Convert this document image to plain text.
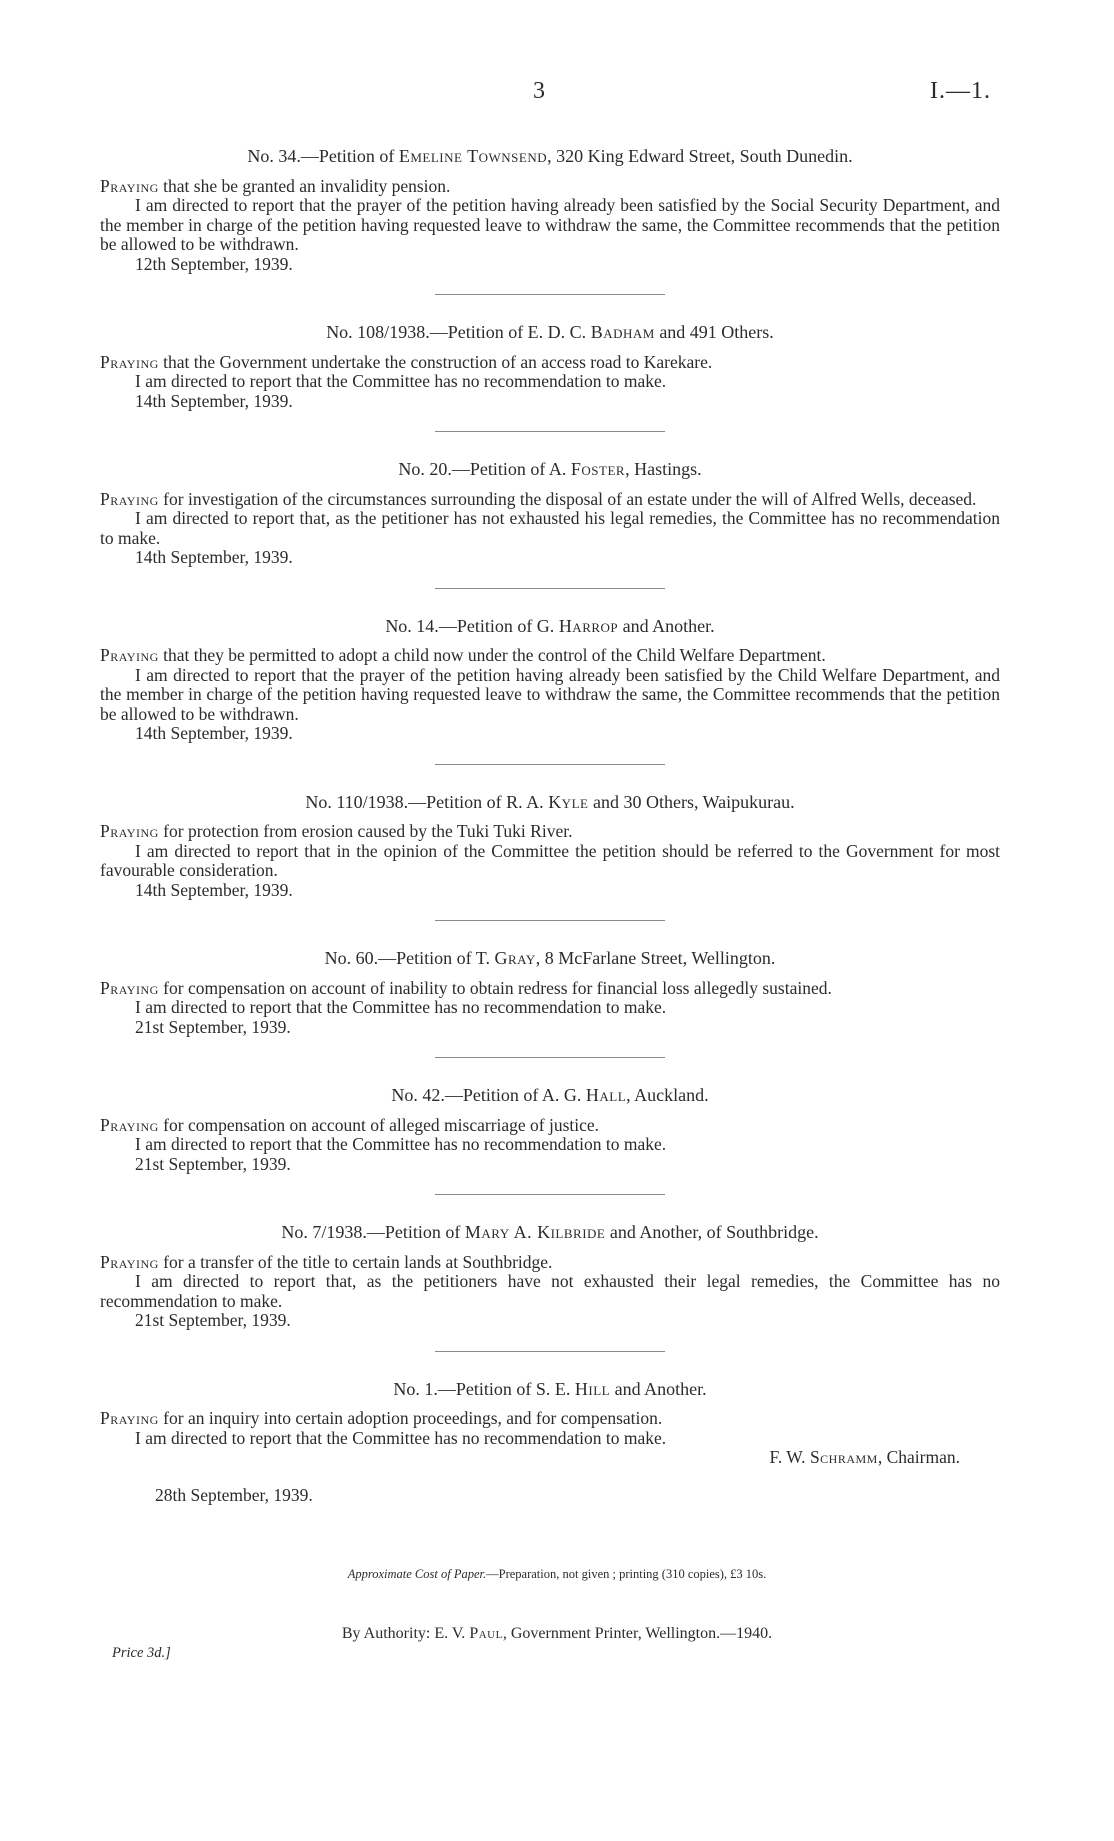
3	I.—1.

No. 34.—Petition of Emeline Townsend, 320 King Edward Street, South Dunedin.

Praying that she be granted an invalidity pension.

I am directed to report that the prayer of the petition having already been satisfied by the Social Security Department, and the member in charge of the petition having requested leave to withdraw the same, the Committee recommends that the petition be allowed to be withdrawn.

12th September, 1939.

No. 108/1938.—Petition of E. D. C. Badham and 491 Others.

Praying that the Government undertake the construction of an access road to Karekare.

I am directed to report that the Committee has no recommendation to make.

14th September, 1939.

No. 20.—Petition of A. Foster, Hastings.

Praying for investigation of the circumstances surrounding the disposal of an estate under the will of Alfred Wells, deceased.

I am directed to report that, as the petitioner has not exhausted his legal remedies, the Committee has no recommendation to make.

14th September, 1939.

No. 14.—Petition of G. Harrop and Another.

Praying that they be permitted to adopt a child now under the control of the Child Welfare Department.

I am directed to report that the prayer of the petition having already been satisfied by the Child Welfare Department, and the member in charge of the petition having requested leave to withdraw the same, the Committee recommends that the petition be allowed to be withdrawn.

14th September, 1939.

No. 110/1938.—Petition of R. A. Kyle and 30 Others, Waipukurau.

Praying for protection from erosion caused by the Tuki Tuki River.

I am directed to report that in the opinion of the Committee the petition should be referred to the Government for most favourable consideration.

14th September, 1939.

No. 60.—Petition of T. Gray, 8 McFarlane Street, Wellington.

Praying for compensation on account of inability to obtain redress for financial loss allegedly sustained.

I am directed to report that the Committee has no recommendation to make.

21st September, 1939.

No. 42.—Petition of A. G. Hall, Auckland.

Praying for compensation on account of alleged miscarriage of justice.

I am directed to report that the Committee has no recommendation to make.

21st September, 1939.

No. 7/1938.—Petition of Mary A. Kilbride and Another, of Southbridge.

Praying for a transfer of the title to certain lands at Southbridge.

I am directed to report that, as the petitioners have not exhausted their legal remedies, the Committee has no recommendation to make.

21st September, 1939.

No. 1.—Petition of S. E. Hill and Another.

Praying for an inquiry into certain adoption proceedings, and for compensation.

I am directed to report that the Committee has no recommendation to make.

F. W. Schramm, Chairman.

28th September, 1939.

Approximate Cost of Paper.—Preparation, not given ; printing (310 copies), £3 10s.
By Authority: E. V. Paul, Government Printer, Wellington.—1940.
Price 3d.]
